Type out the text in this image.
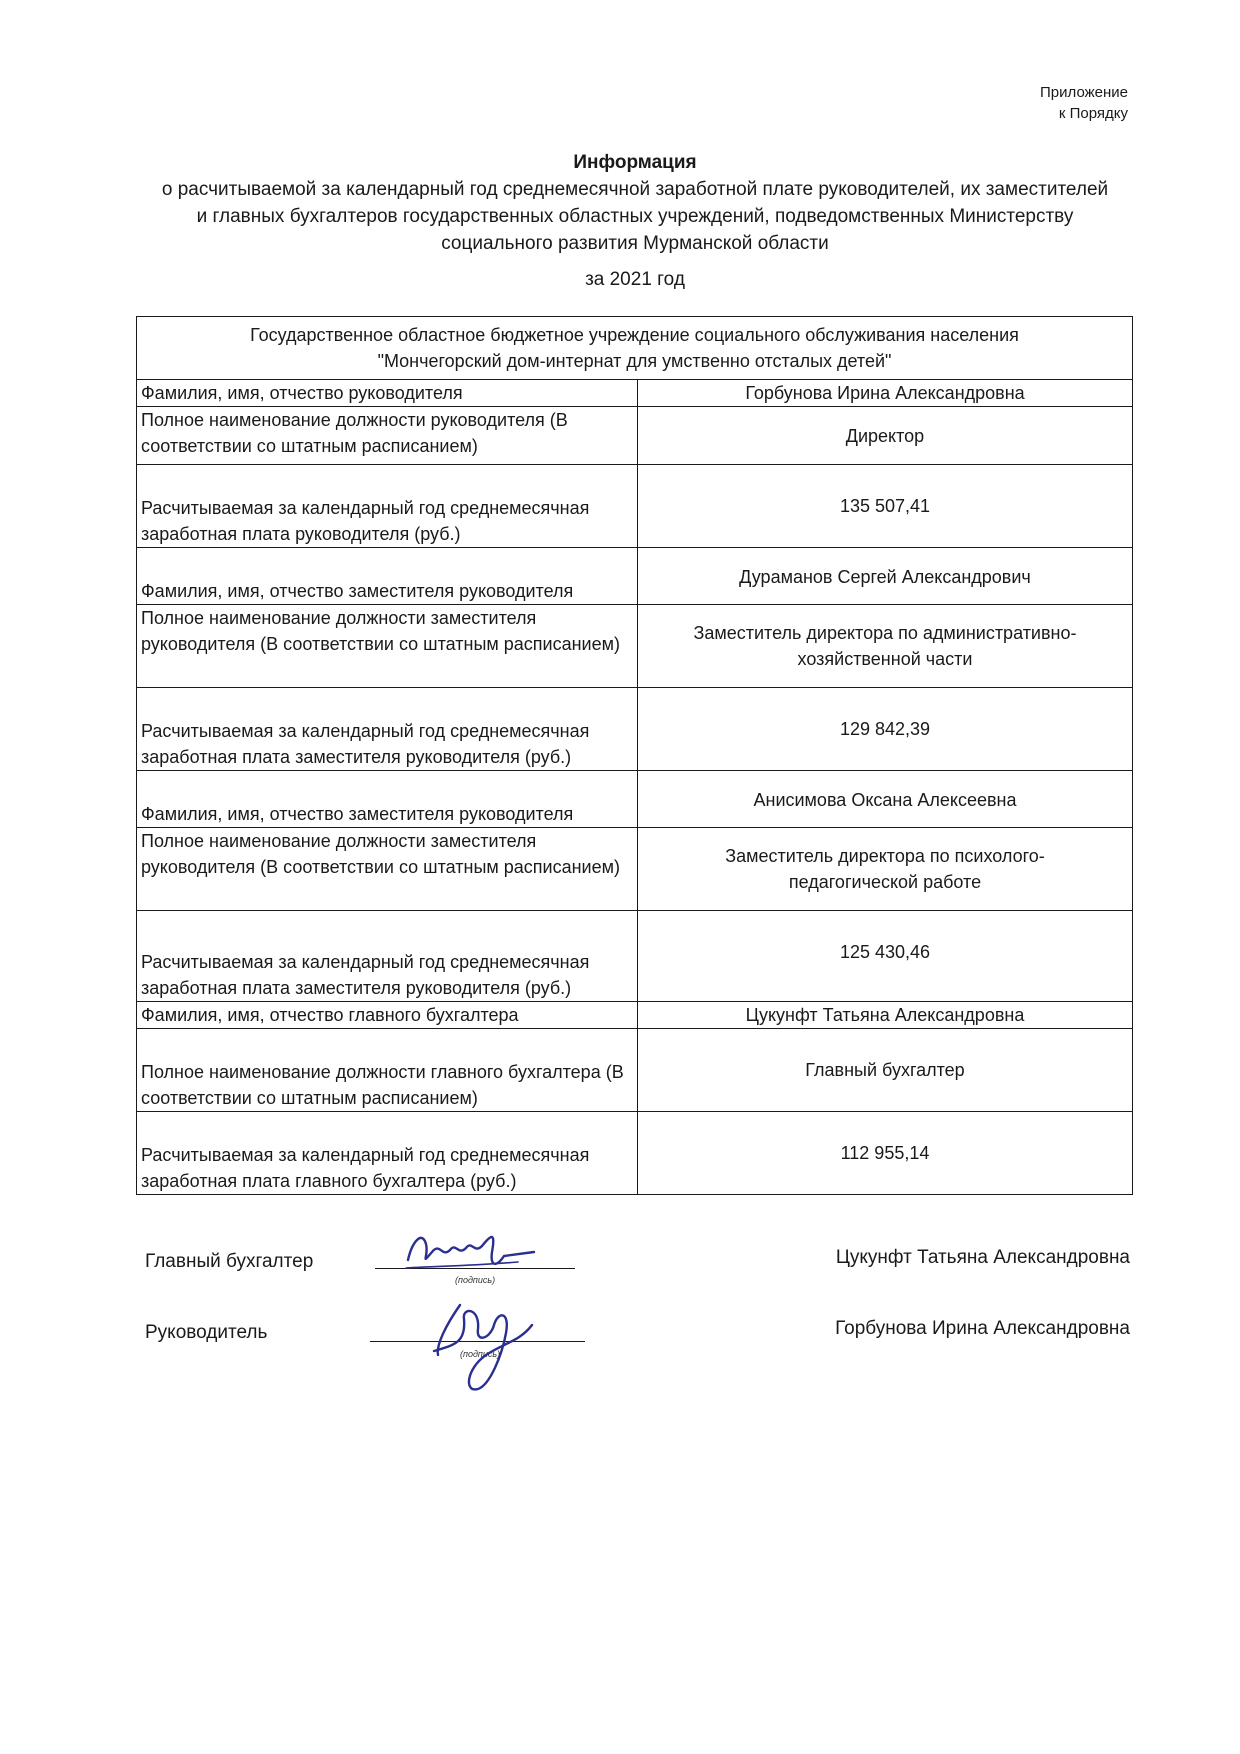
Приложение
к Порядку
Информация
о расчитываемой за календарный год среднемесячной заработной плате руководителей, их заместителей
и главных бухгалтеров государственных областных учреждений, подведомственных Министерству
социального развития Мурманской области
за 2021 год
Государственное областное бюджетное учреждение социального обслуживания населения
"Мончегорский дом-интернат для умственно отсталых детей"	

Фамилия, имя, отчество руководителя	Горбунова Ирина Александровна
Полное наименование должности руководителя (В соответствии со штатным расписанием)	Директор
Расчитываемая за календарный год среднемесячная заработная плата руководителя (руб.)	135 507,41
Фамилия, имя, отчество заместителя руководителя	Дураманов Сергей Александрович
Полное наименование должности заместителя руководителя (В соответствии со штатным расписанием)	Заместитель директора по административно-хозяйственной части
Расчитываемая за календарный год среднемесячная заработная плата заместителя руководителя (руб.)	129 842,39
Фамилия, имя, отчество заместителя руководителя	Анисимова Оксана Алексеевна
Полное наименование должности заместителя руководителя (В соответствии со штатным расписанием)	Заместитель директора по психолого-педагогической работе
Расчитываемая за календарный год среднемесячная заработная плата заместителя руководителя (руб.)	125 430,46
Фамилия, имя, отчество главного бухгалтера	Цукунфт Татьяна Александровна
Полное наименование должности главного бухгалтера (В соответствии со штатным расписанием)	Главный бухгалтер
Расчитываемая за календарный год среднемесячная заработная плата главного бухгалтера (руб.)	112 955,14
Главный бухгалтер
(подпись)
Цукунфт Татьяна Александровна
Руководитель
(подпись)
Горбунова Ирина Александровна
